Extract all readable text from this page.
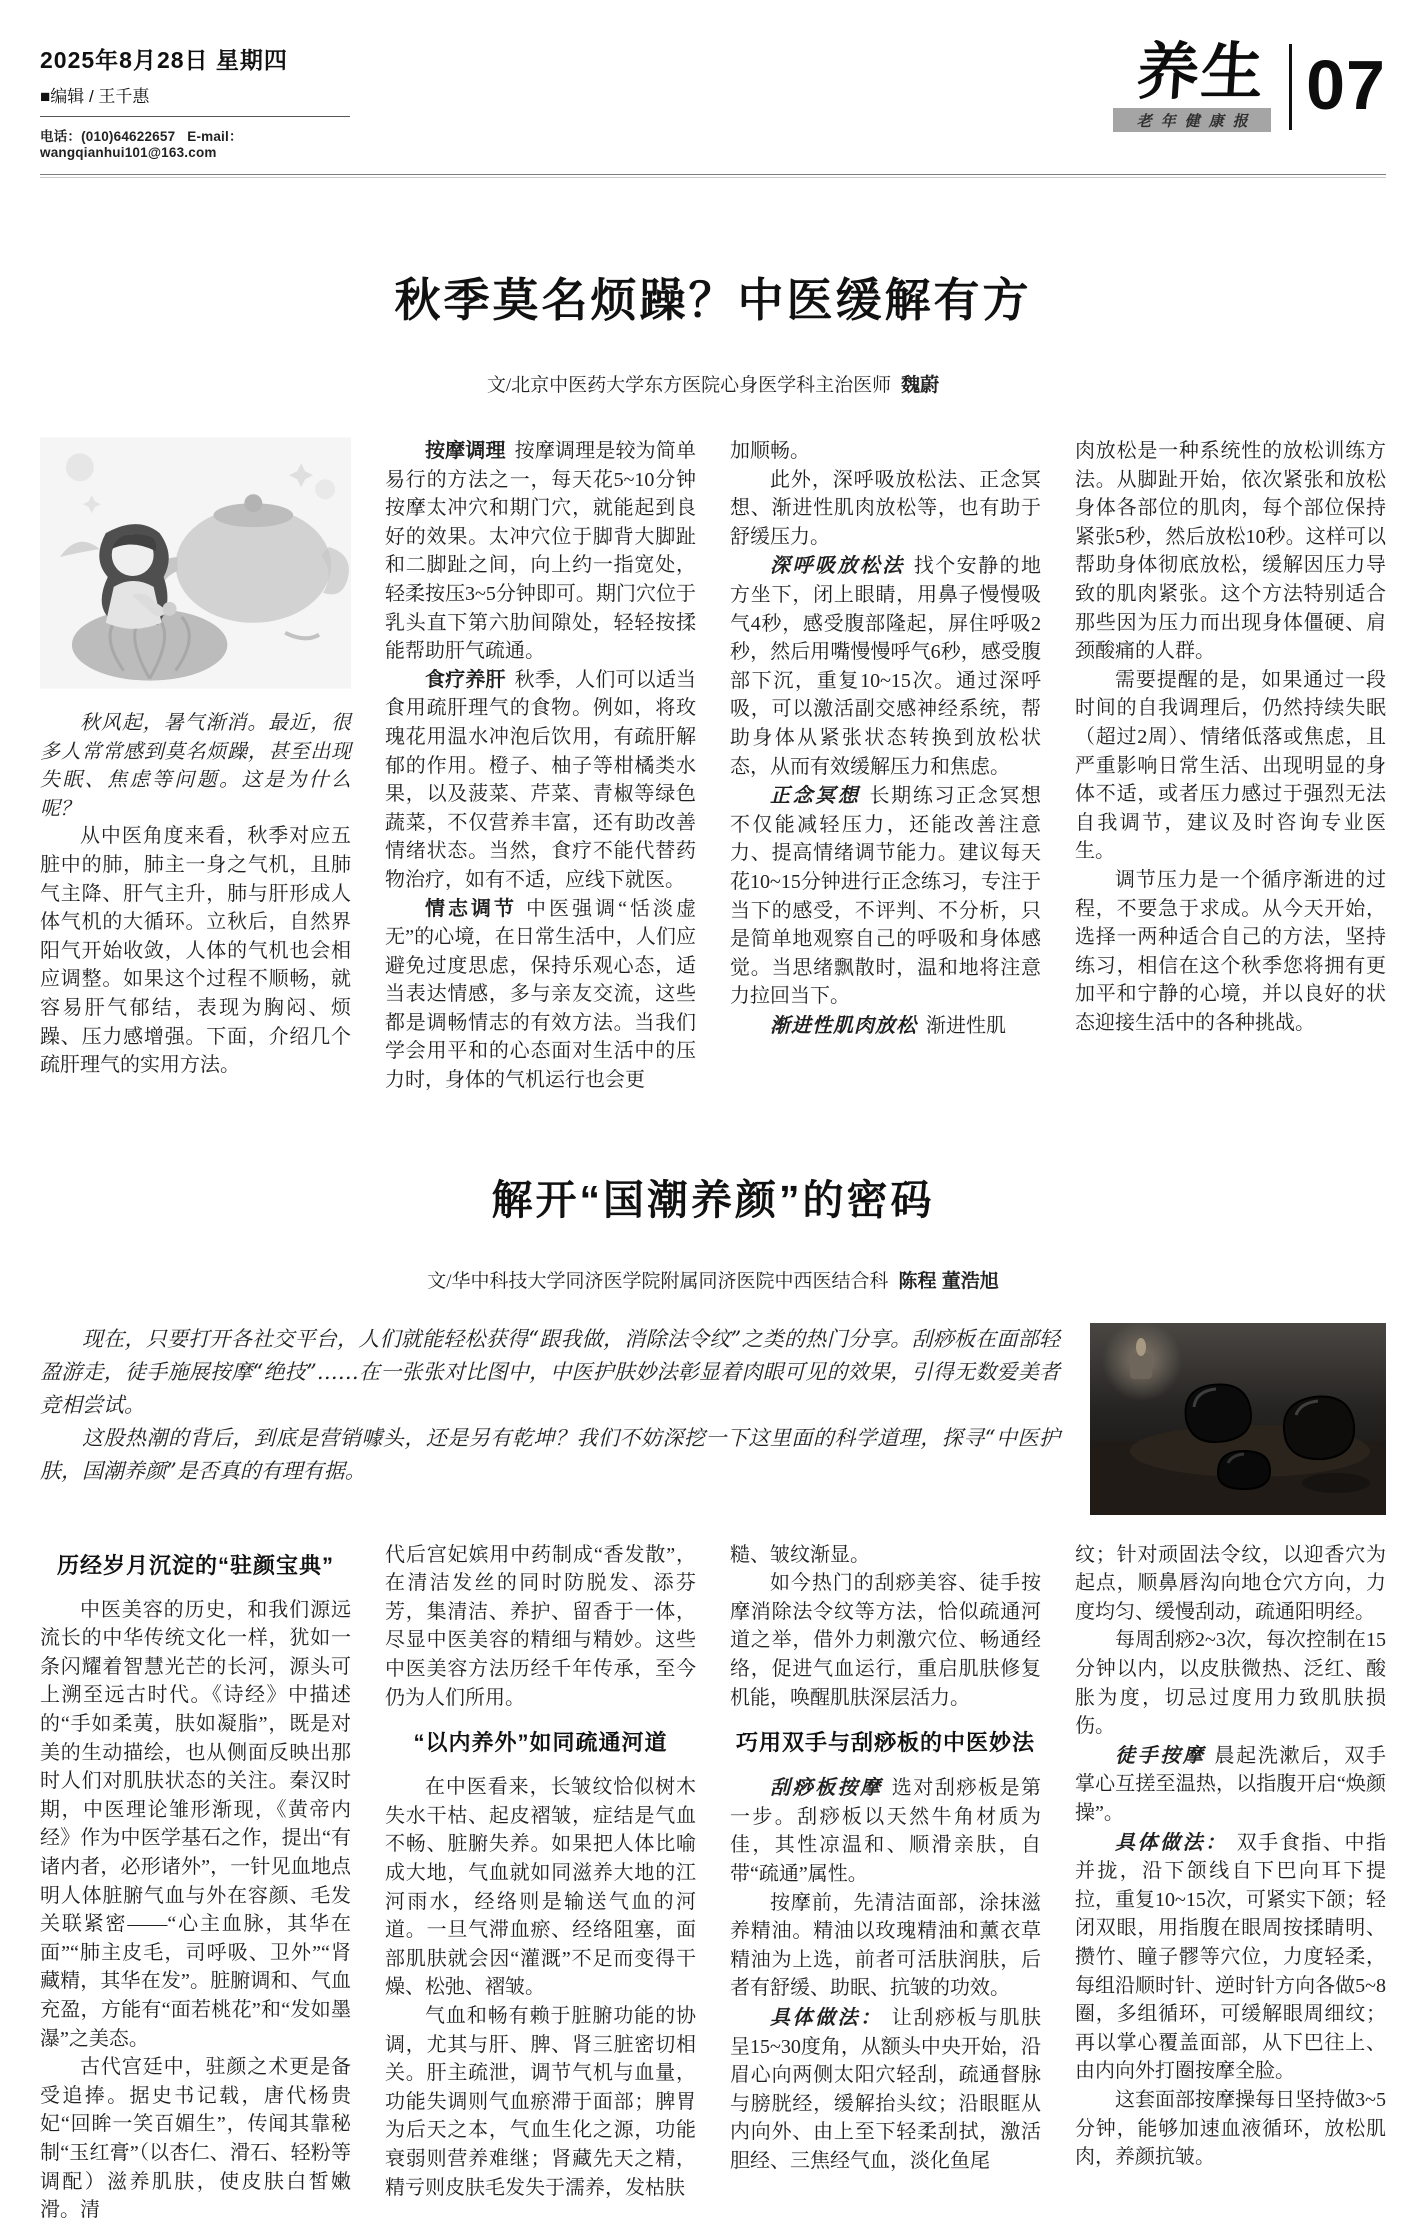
2025年8月28日 星期四
■编辑 / 王千惠
电话：(010)64622657 E-mail：wangqianhui101@163.com
养生
老年健康报 07
秋季莫名烦躁？中医缓解有方
文/北京中医药大学东方医院心身医学科主治医师 魏蔚

秋风起，暑气渐消。最近，很多人常常感到莫名烦躁，甚至出现失眠、焦虑等问题。这是为什么呢？

从中医角度来看，秋季对应五脏中的肺，肺主一身之气机，且肺气主降、肝气主升，肺与肝形成人体气机的大循环。立秋后，自然界阳气开始收敛，人体的气机也会相应调整。如果这个过程不顺畅，就容易肝气郁结，表现为胸闷、烦躁、压力感增强。下面，介绍几个疏肝理气的实用方法。

按摩调理 按摩调理是较为简单易行的方法之一，每天花5~10分钟按摩太冲穴和期门穴，就能起到良好的效果。太冲穴位于脚背大脚趾和二脚趾之间，向上约一指宽处，轻柔按压3~5分钟即可。期门穴位于乳头直下第六肋间隙处，轻轻按揉能帮助肝气疏通。

食疗养肝 秋季，人们可以适当食用疏肝理气的食物。例如，将玫瑰花用温水冲泡后饮用，有疏肝解郁的作用。橙子、柚子等柑橘类水果，以及菠菜、芹菜、青椒等绿色蔬菜，不仅营养丰富，还有助改善情绪状态。当然，食疗不能代替药物治疗，如有不适，应线下就医。

情志调节 中医强调“恬淡虚无”的心境，在日常生活中，人们应避免过度思虑，保持乐观心态，适当表达情感，多与亲友交流，这些都是调畅情志的有效方法。当我们学会用平和的心态面对生活中的压力时，身体的气机运行也会更

加顺畅。

此外，深呼吸放松法、正念冥想、渐进性肌肉放松等，也有助于舒缓压力。

深呼吸放松法 找个安静的地方坐下，闭上眼睛，用鼻子慢慢吸气4秒，感受腹部隆起，屏住呼吸2秒，然后用嘴慢慢呼气6秒，感受腹部下沉，重复10~15次。通过深呼吸，可以激活副交感神经系统，帮助身体从紧张状态转换到放松状态，从而有效缓解压力和焦虑。

正念冥想 长期练习正念冥想不仅能减轻压力，还能改善注意力、提高情绪调节能力。建议每天花10~15分钟进行正念练习，专注于当下的感受，不评判、不分析，只是简单地观察自己的呼吸和身体感觉。当思绪飘散时，温和地将注意力拉回当下。

渐进性肌肉放松 渐进性肌

肉放松是一种系统性的放松训练方法。从脚趾开始，依次紧张和放松身体各部位的肌肉，每个部位保持紧张5秒，然后放松10秒。这样可以帮助身体彻底放松，缓解因压力导致的肌肉紧张。这个方法特别适合那些因为压力而出现身体僵硬、肩颈酸痛的人群。

需要提醒的是，如果通过一段时间的自我调理后，仍然持续失眠（超过2周）、情绪低落或焦虑，且严重影响日常生活、出现明显的身体不适，或者压力感过于强烈无法自我调节，建议及时咨询专业医生。

调节压力是一个循序渐进的过程，不要急于求成。从今天开始，选择一两种适合自己的方法，坚持练习，相信在这个秋季您将拥有更加平和宁静的心境，并以良好的状态迎接生活中的各种挑战。

解开“国潮养颜”的密码
文/华中科技大学同济医学院附属同济医院中西医结合科 陈程 董浩旭

现在，只要打开各社交平台，人们就能轻松获得“跟我做，消除法令纹”之类的热门分享。刮痧板在面部轻盈游走，徒手施展按摩“绝技”……在一张张对比图中，中医护肤妙法彰显着肉眼可见的效果，引得无数爱美者竞相尝试。

这股热潮的背后，到底是营销噱头，还是另有乾坤？我们不妨深挖一下这里面的科学道理，探寻“中医护肤，国潮养颜”是否真的有理有据。

历经岁月沉淀的“驻颜宝典”

中医美容的历史，和我们源远流长的中华传统文化一样，犹如一条闪耀着智慧光芒的长河，源头可上溯至远古时代。《诗经》中描述的“手如柔荑，肤如凝脂”，既是对美的生动描绘，也从侧面反映出那时人们对肌肤状态的关注。秦汉时期，中医理论雏形渐现，《黄帝内经》作为中医学基石之作，提出“有诸内者，必形诸外”，一针见血地点明人体脏腑气血与外在容颜、毛发关联紧密——“心主血脉，其华在面”“肺主皮毛，司呼吸、卫外”“肾藏精，其华在发”。脏腑调和、气血充盈，方能有“面若桃花”和“发如墨瀑”之美态。

古代宫廷中，驻颜之术更是备受追捧。据史书记载，唐代杨贵妃“回眸一笑百媚生”，传闻其靠秘制“玉红膏”（以杏仁、滑石、轻粉等调配）滋养肌肤，使皮肤白皙嫩滑。清

代后宫妃嫔用中药制成“香发散”，在清洁发丝的同时防脱发、添芬芳，集清洁、养护、留香于一体，尽显中医美容的精细与精妙。这些中医美容方法历经千年传承，至今仍为人们所用。

“以内养外”如同疏通河道

在中医看来，长皱纹恰似树木失水干枯、起皮褶皱，症结是气血不畅、脏腑失养。如果把人体比喻成大地，气血就如同滋养大地的江河雨水，经络则是输送气血的河道。一旦气滞血瘀、经络阻塞，面部肌肤就会因“灌溉”不足而变得干燥、松弛、褶皱。

气血和畅有赖于脏腑功能的协调，尤其与肝、脾、肾三脏密切相关。肝主疏泄，调节气机与血量，功能失调则气血瘀滞于面部；脾胃为后天之本，气血生化之源，功能衰弱则营养难继；肾藏先天之精，精亏则皮肤毛发失于濡养，发枯肤

糙、皱纹渐显。

如今热门的刮痧美容、徒手按摩消除法令纹等方法，恰似疏通河道之举，借外力刺激穴位、畅通经络，促进气血运行，重启肌肤修复机能，唤醒肌肤深层活力。

巧用双手与刮痧板的中医妙法

刮痧板按摩 选对刮痧板是第一步。刮痧板以天然牛角材质为佳，其性凉温和、顺滑亲肤，自带“疏通”属性。

按摩前，先清洁面部，涂抹滋养精油。精油以玫瑰精油和薰衣草精油为上选，前者可活肤润肤，后者有舒缓、助眠、抗皱的功效。

具体做法： 让刮痧板与肌肤呈15~30度角，从额头中央开始，沿眉心向两侧太阳穴轻刮，疏通督脉与膀胱经，缓解抬头纹；沿眼眶从内向外、由上至下轻柔刮拭，激活胆经、三焦经气血，淡化鱼尾

纹；针对顽固法令纹，以迎香穴为起点，顺鼻唇沟向地仓穴方向，力度均匀、缓慢刮动，疏通阳明经。

每周刮痧2~3次，每次控制在15分钟以内，以皮肤微热、泛红、酸胀为度，切忌过度用力致肌肤损伤。

徒手按摩 晨起洗漱后，双手掌心互搓至温热，以指腹开启“焕颜操”。

具体做法： 双手食指、中指并拢，沿下颌线自下巴向耳下提拉，重复10~15次，可紧实下颌；轻闭双眼，用指腹在眼周按揉睛明、攒竹、瞳子髎等穴位，力度轻柔，每组沿顺时针、逆时针方向各做5~8圈，多组循环，可缓解眼周细纹；再以掌心覆盖面部，从下巴往上、由内向外打圈按摩全脸。

这套面部按摩操每日坚持做3~5分钟，能够加速血液循环，放松肌肉，养颜抗皱。
